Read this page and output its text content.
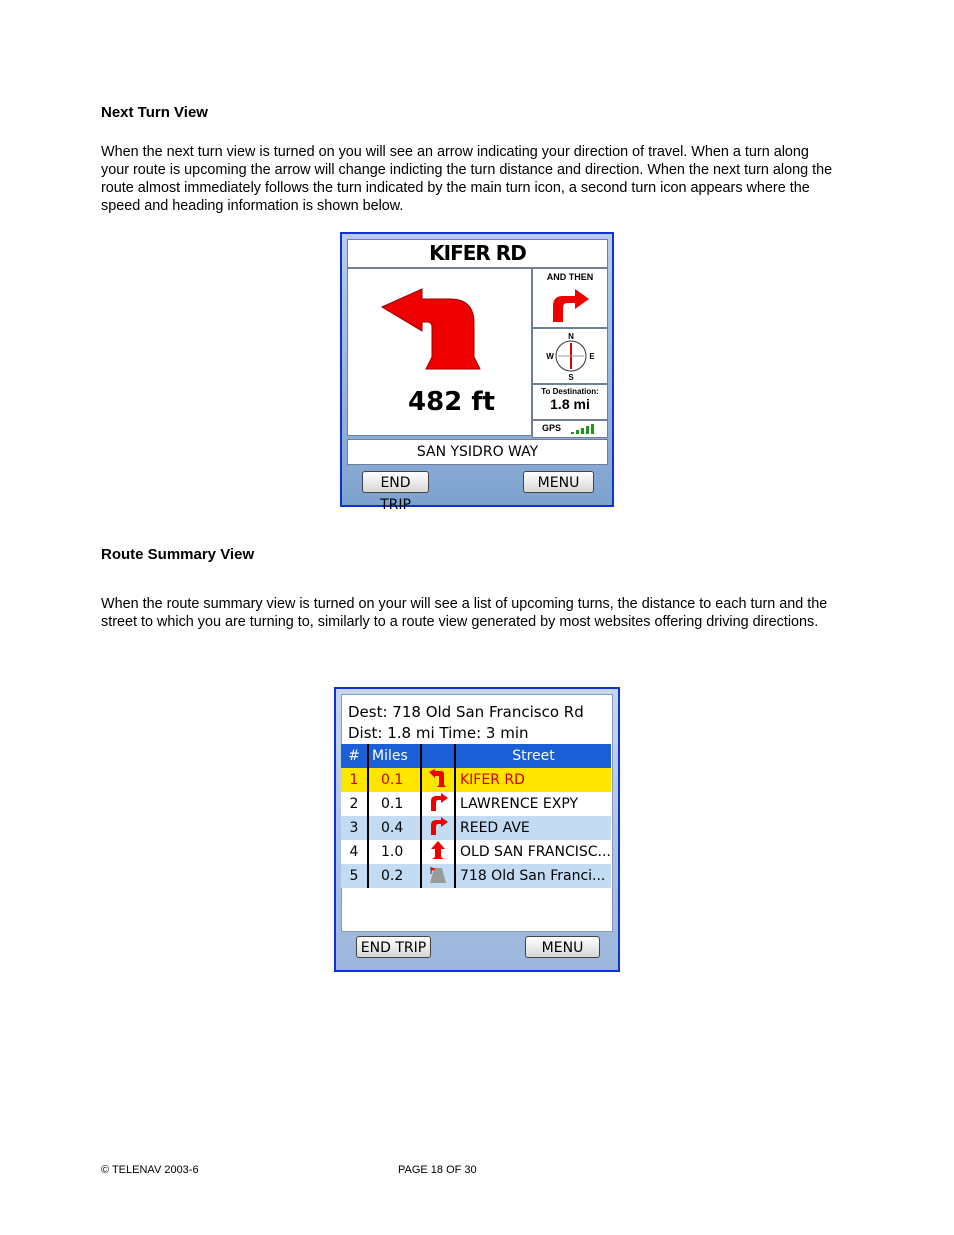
Next Turn View

When the next turn view is turned on you will see an arrow indicating your direction of travel. When a turn along

your route is upcoming the arrow will change indicting the turn distance and direction. When the next turn along the

route almost immediately follows the turn indicated by the main turn icon, a second turn icon appears where the

speed and heading information is shown below.

KIFER RD
482 ft
AND THEN
N
E
S
W
To Destination:
1.8 mi
GPS
SAN YSIDRO WAY
END TRIP
MENU
Route Summary View

When the route summary view is turned on your will see a list of upcoming turns, the distance to each turn and the

street to which you are turning to, similarly to a route view generated by most websites offering driving directions.

Dest: 718 Old San Francisco Rd
Dist: 1.8 mi Time: 3 min
#	Miles		Street
1	0.1		KIFER RD
2	0.1		LAWRENCE EXPY
3	0.4		REED AVE
4	1.0		OLD SAN FRANCISC...
5	0.2		718 Old San Franci...
END TRIP	MENU
© TELENAV 2003-6	PAGE 18 OF 30
